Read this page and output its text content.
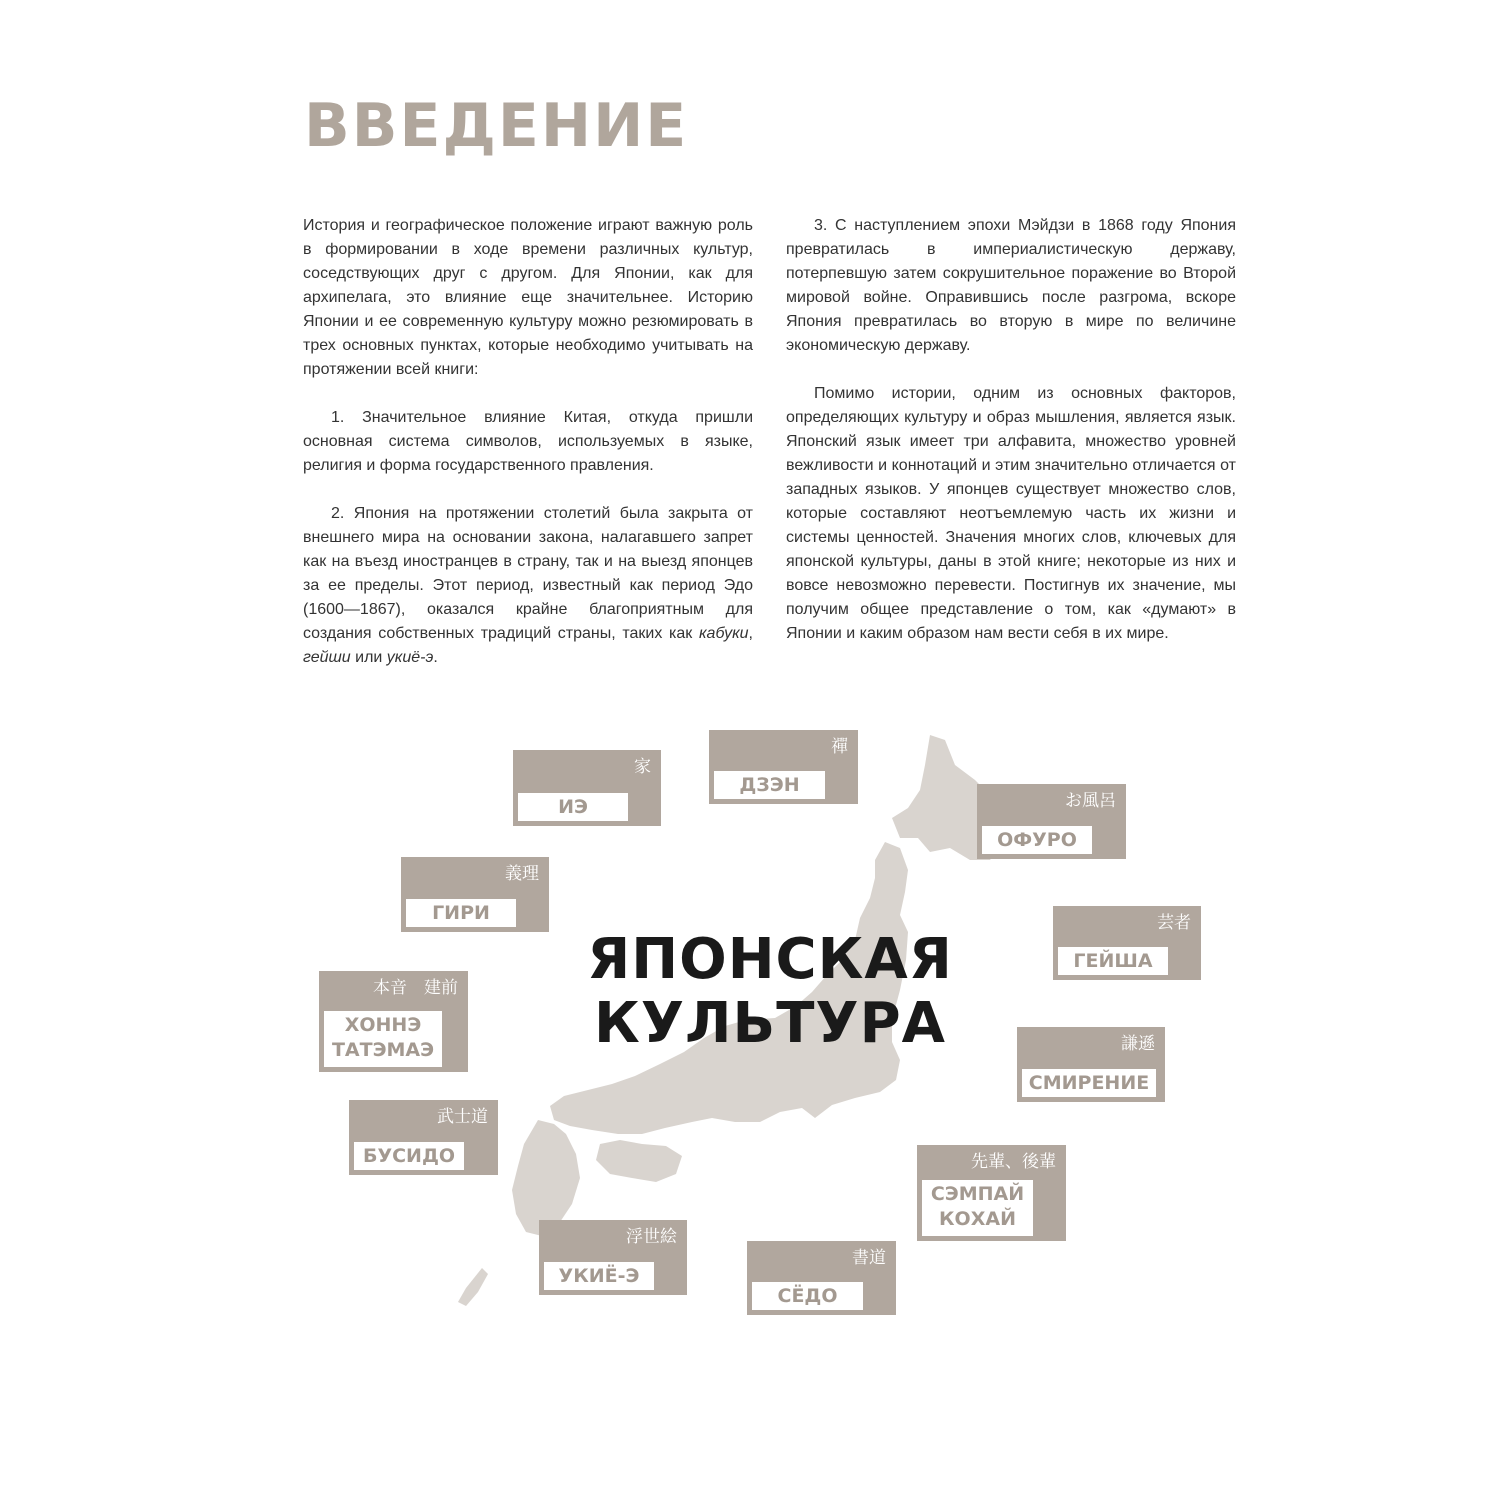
ВВЕДЕНИЕ

История и географическое положение играют важную роль в формировании в ходе времени различных культур, соседствующих друг с другом. Для Японии, как для архипелага, это влияние еще значительнее. Историю Японии и ее современную культуру можно резюмировать в трех основных пунктах, которые необходимо учитывать на протяжении всей книги:

1. Значительное влияние Китая, откуда пришли основная система символов, используемых в языке, религия и форма государственного правления.

2. Япония на протяжении столетий была закрыта от внешнего мира на основании закона, налагавшего запрет как на въезд иностранцев в страну, так и на выезд японцев за ее пределы. Этот период, известный как период Эдо (1600—1867), оказался крайне благоприятным для создания собственных традиций страны, таких как кабуки, гейши или укиё-э.

3. С наступлением эпохи Мэйдзи в 1868 году Япония превратилась в империалистическую державу, потерпевшую затем сокрушительное поражение во Второй мировой войне. Оправившись после разгрома, вскоре Япония превратилась во вторую в мире по величине экономическую державу.

Помимо истории, одним из основных факторов, определяющих культуру и образ мышления, является язык. Японский язык имеет три алфавита, множество уровней вежливости и коннотаций и этим значительно отличается от западных языков. У японцев существует множество слов, которые составляют неотъемлемую часть их жизни и системы ценностей. Значения многих слов, ключевых для японской культуры, даны в этой книге; некоторые из них и вовсе невозможно перевести. Постигнув их значение, мы получим общее представление о том, как «думают» в Японии и каким образом нам вести себя в их мире.

ЯПОНСКАЯ
КУЛЬТУРА
家
ИЭ
禪
ДЗЭН
お風呂
ОФУРО
義理
ГИРИ	芸者
ГЕЙША
本音　建前
ХОННЭ
ТАТЭМАЭ	謙遜
СМИРЕНИЕ
武士道
БУСИДО	先輩、後輩
СЭМПАЙ
КОХАЙ
浮世絵
УКИЁ-Э
書道
СЁДО
